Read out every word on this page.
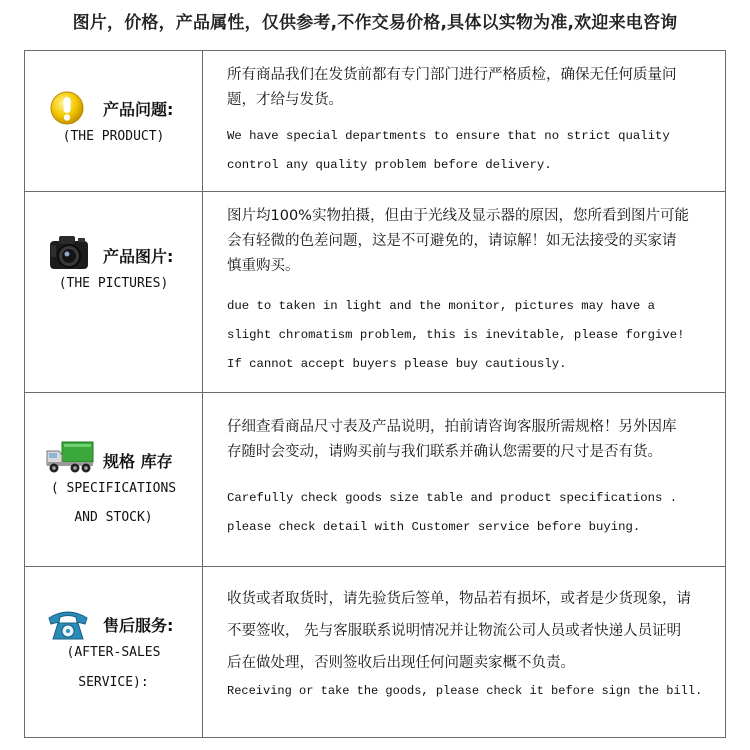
图片，价格，产品属性，仅供参考,不作交易价格,具体以实物为准,欢迎来电咨询
产品问题:
(THE PRODUCT)
所有商品我们在发货前都有专门部门进行严格质检，确保无任何质量问
题，才给与发货。
We have special departments to ensure that no strict quality
control any quality problem before delivery.
产品图片:
(THE PICTURES)
图片均100%实物拍摄，但由于光线及显示器的原因，您所看到图片可能
会有轻微的色差问题，这是不可避免的，请谅解！如无法接受的买家请
慎重购买。
due to taken in light and the monitor, pictures may have a
slight chromatism problem, this is inevitable, please forgive!
If cannot accept buyers please buy cautiously.
规格 库存
( SPECIFICATIONS
AND STOCK)
仔细查看商品尺寸表及产品说明，拍前请咨询客服所需规格！另外因库
存随时会变动，请购买前与我们联系并确认您需要的尺寸是否有货。
Carefully check goods size table and product specifications .
please check detail with Customer service before buying.
售后服务:
(AFTER-SALES
SERVICE):
收货或者取货时，请先验货后签单，物品若有损坏，或者是少货现象，请
不要签收， 先与客服联系说明情况并让物流公司人员或者快递人员证明
后在做处理，否则签收后出现任何问题卖家概不负责。
Receiving or take the goods, please check it before sign the bill.
